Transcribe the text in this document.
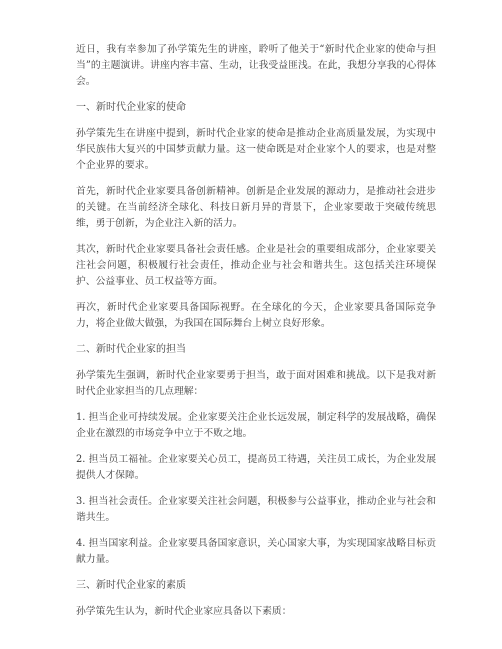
近日，我有幸参加了孙学策先生的讲座，聆听了他关于“新时代企业家的使命与担当”的主题演讲。讲座内容丰富、生动，让我受益匪浅。在此，我想分享我的心得体会。

一、新时代企业家的使命

孙学策先生在讲座中提到，新时代企业家的使命是推动企业高质量发展，为实现中华民族伟大复兴的中国梦贡献力量。这一使命既是对企业家个人的要求，也是对整个企业界的要求。

首先，新时代企业家要具备创新精神。创新是企业发展的源动力，是推动社会进步的关键。在当前经济全球化、科技日新月异的背景下，企业家要敢于突破传统思维，勇于创新，为企业注入新的活力。

其次，新时代企业家要具备社会责任感。企业是社会的重要组成部分，企业家要关注社会问题，积极履行社会责任，推动企业与社会和谐共生。这包括关注环境保护、公益事业、员工权益等方面。

再次，新时代企业家要具备国际视野。在全球化的今天，企业家要具备国际竞争力，将企业做大做强，为我国在国际舞台上树立良好形象。

二、新时代企业家的担当

孙学策先生强调，新时代企业家要勇于担当，敢于面对困难和挑战。以下是我对新时代企业家担当的几点理解：

1. 担当企业可持续发展。企业家要关注企业长远发展，制定科学的发展战略，确保企业在激烈的市场竞争中立于不败之地。

2. 担当员工福祉。企业家要关心员工，提高员工待遇，关注员工成长，为企业发展提供人才保障。

3. 担当社会责任。企业家要关注社会问题，积极参与公益事业，推动企业与社会和谐共生。

4. 担当国家利益。企业家要具备国家意识，关心国家大事，为实现国家战略目标贡献力量。

三、新时代企业家的素质

孙学策先生认为，新时代企业家应具备以下素质：
